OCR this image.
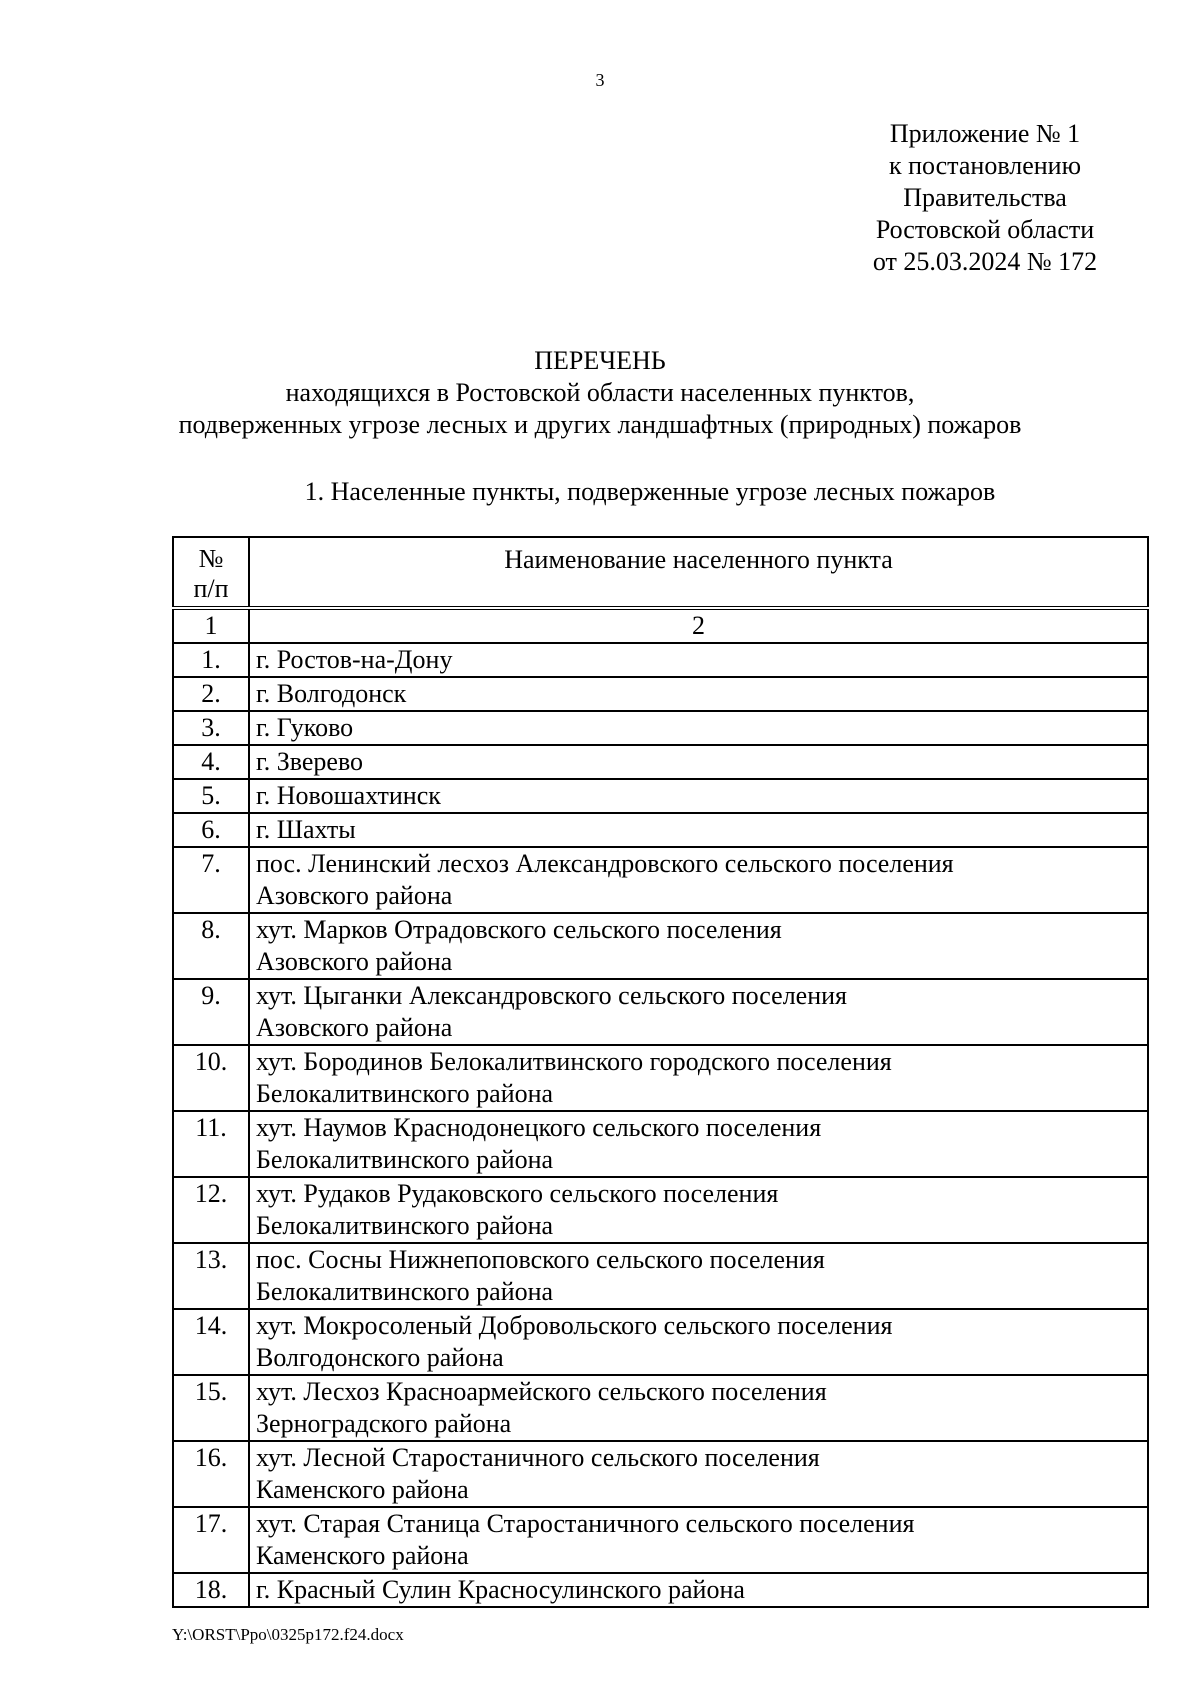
3
Приложение № 1
к постановлению
Правительства
Ростовской области
от 25.03.2024 № 172
ПЕРЕЧЕНЬ
находящихся в Ростовской области населенных пунктов,
подверженных угрозе лесных и других ландшафтных (природных) пожаров
1. Населенные пункты, подверженные угрозе лесных пожаров
№
п/п	Наименование населенного пункта
1	2
1.	г. Ростов-на-Дону

2.	г. Волгодонск

3.	г. Гуково

4.	г. Зверево

5.	г. Новошахтинск

6.	г. Шахты

7.	пос. Ленинский лесхоз Александровского сельского поселения
Азовского района

8.	хут. Марков Отрадовского сельского поселения
Азовского района

9.	хут. Цыганки Александровского сельского поселения
Азовского района

10.	хут. Бородинов Белокалитвинского городского поселения
Белокалитвинского района

11.	хут. Наумов Краснодонецкого сельского поселения
Белокалитвинского района

12.	хут. Рудаков Рудаковского сельского поселения
Белокалитвинского района

13.	пос. Сосны Нижнепоповского сельского поселения
Белокалитвинского района

14.	хут. Мокросоленый Добровольского сельского поселения
Волгодонского района

15.	хут. Лесхоз Красноармейского сельского поселения
Зерноградского района

16.	хут. Лесной Старостаничного сельского поселения
Каменского района

17.	хут. Старая Станица Старостаничного сельского поселения
Каменского района

18.	г. Красный Сулин Красносулинского района
Y:\ORST\Ppo\0325p172.f24.docx
